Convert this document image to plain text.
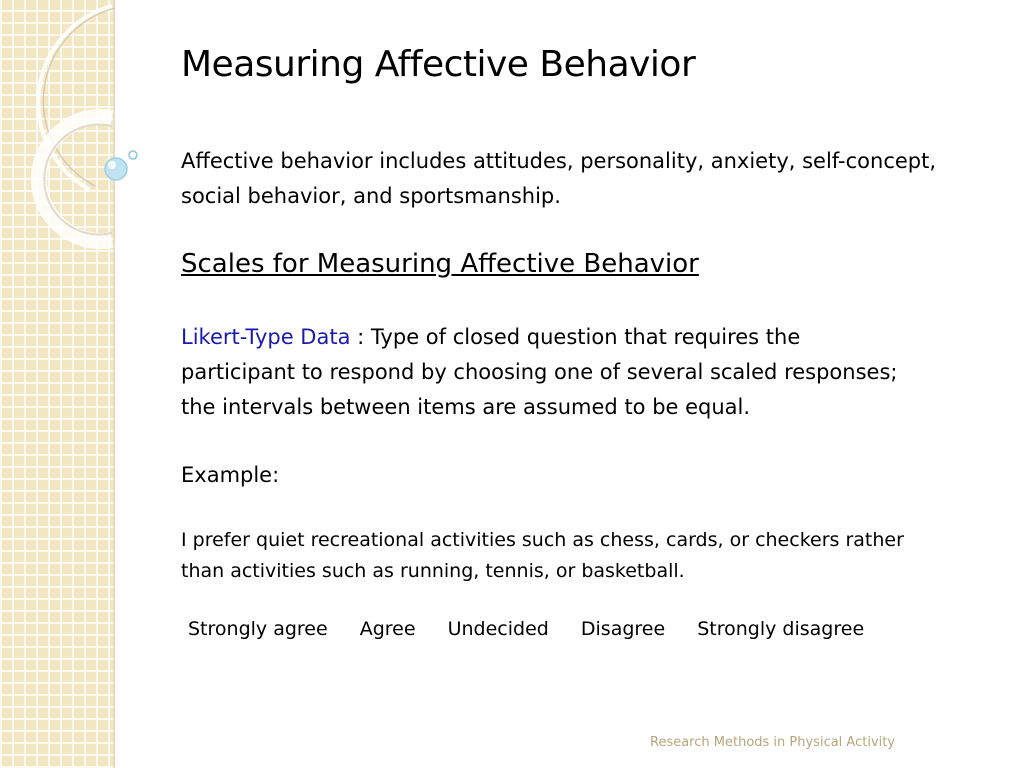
Measuring Affective Behavior

Affective behavior includes attitudes, personality, anxiety, self-concept,
social behavior, and sportsmanship.

Scales for Measuring Affective Behavior

Likert-Type Data : Type of closed question that requires the
participant to respond by choosing one of several scaled responses;
the intervals between items are assumed to be equal.

Example:

I prefer quiet recreational activities such as chess, cards, or checkers rather
than activities such as running, tennis, or basketball.

Strongly agree Agree Undecided Disagree Strongly disagree

Research Methods in Physical Activity
